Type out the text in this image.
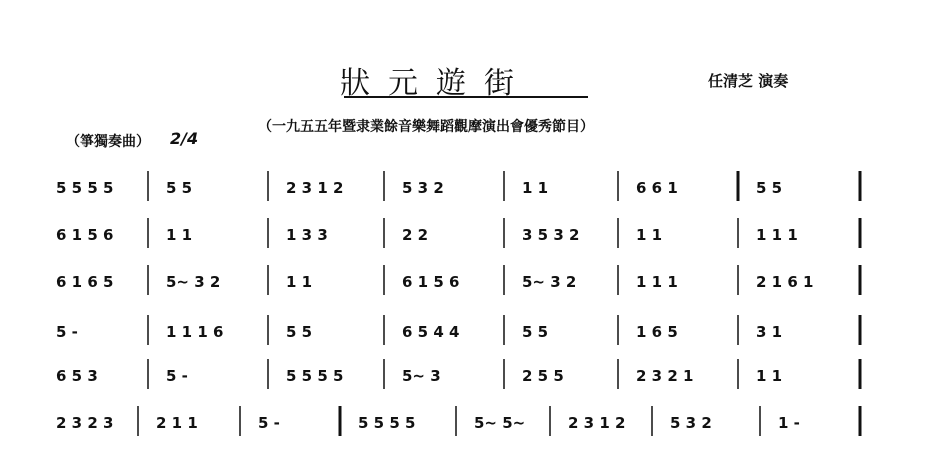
狀元遊街	任清芝 演奏
（一九五五年暨隶業餘音樂舞蹈觀摩演出會優秀節目）
（箏獨奏曲） 2/4
5 5 5 5	5 5	2 3 1 2	5 3 2	1 1	6 6 1	5 5
6 1 5 6	1 1	1 3 3	2 2	3 5 3 2	1 1	1 1 1
6 1 6 5	5~ 3 2	1 1	6 1 5 6	5~ 3 2	1 1 1	2 1 6 1
5 -	1 1 1 6	5 5	6 5 4 4	5 5	1 6 5	3 1
6 5 3	5 -	5 5 5 5	5~ 3	2 5 5	2 3 2 1	1 1
2 3 2 3	2 1 1	5 -	5 5 5 5	5~ 5~	2 3 1 2	5 3 2	1 -
